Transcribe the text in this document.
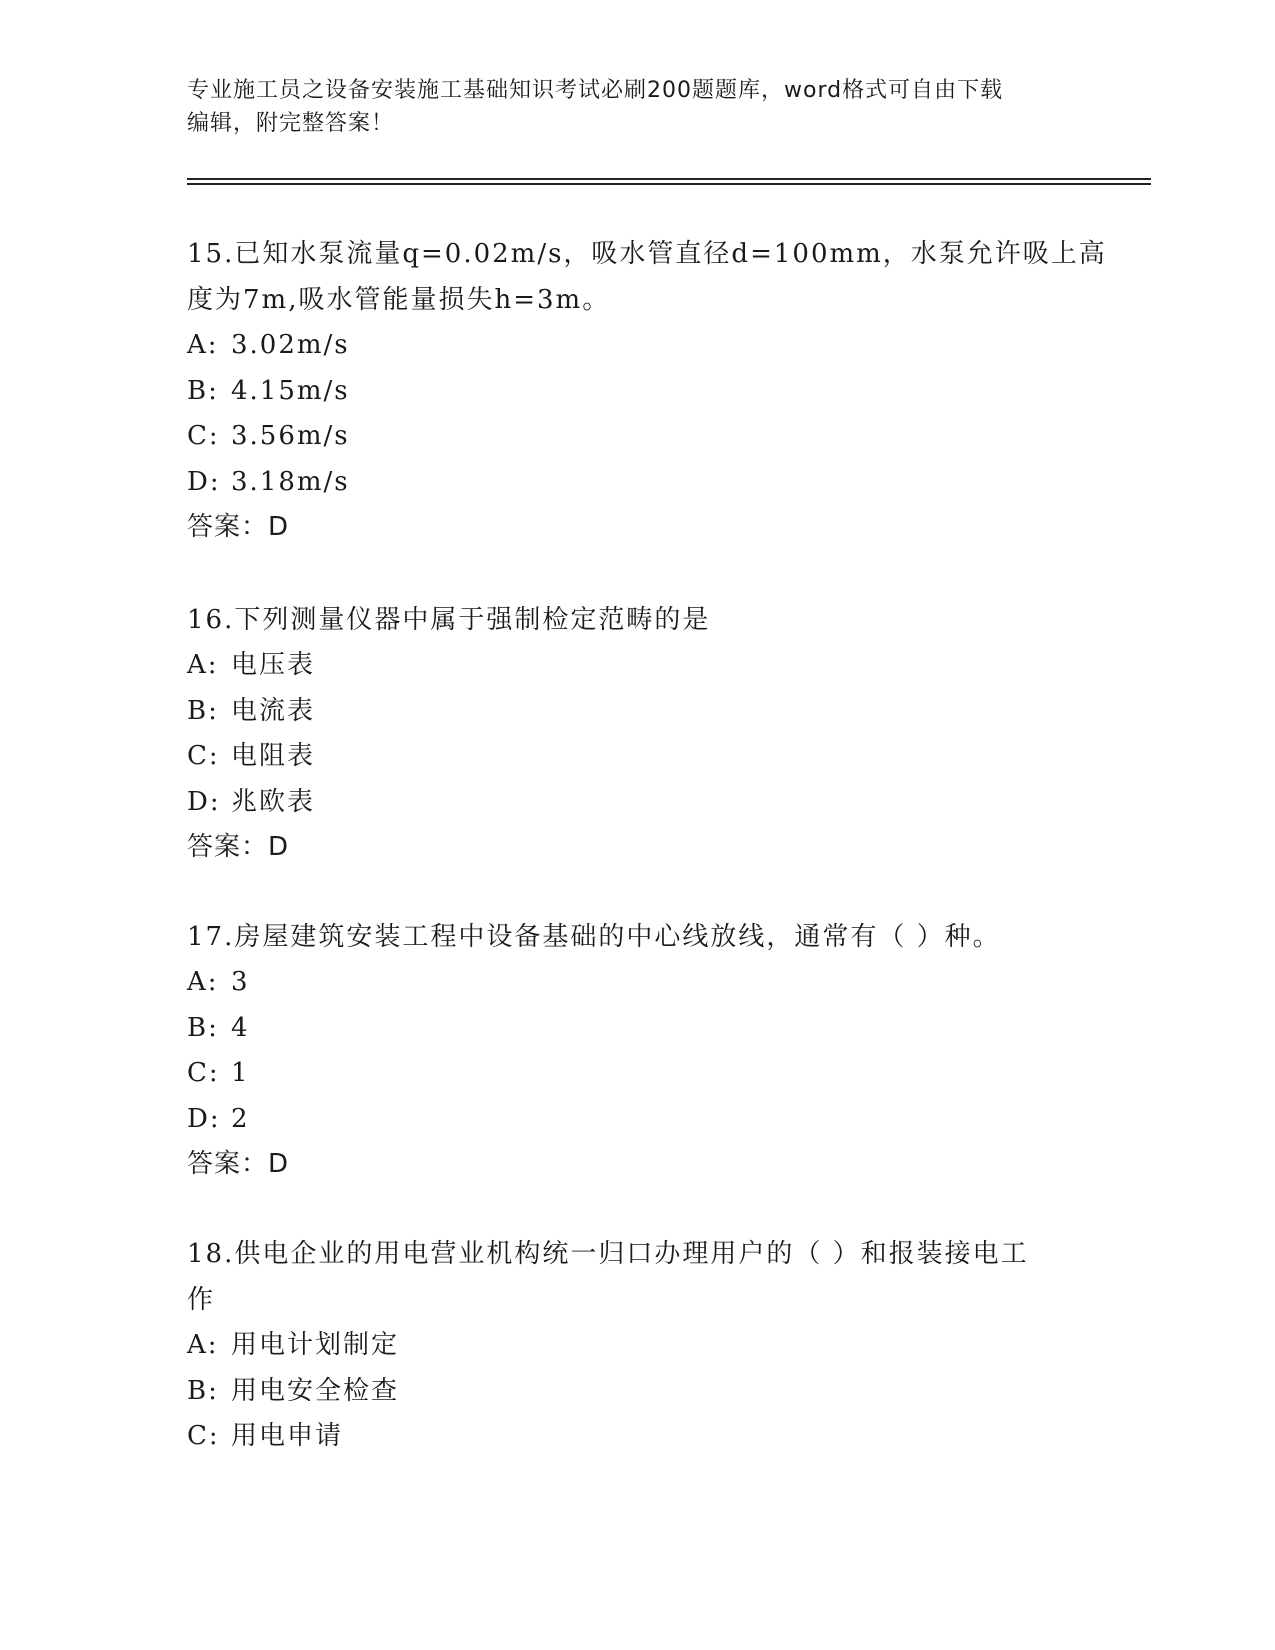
专业施工员之设备安装施工基础知识考试必刷200题题库，word格式可自由下载
编辑，附完整答案！
15.已知水泵流量q=0.02m/s，吸水管直径d=100mm，水泵允许吸上高
度为7m,吸水管能量损失h=3m。
A: 3.02m/s
B: 4.15m/s
C: 3.56m/s
D: 3.18m/s
答案：D
16.下列测量仪器中属于强制检定范畴的是
A: 电压表
B: 电流表
C: 电阻表
D: 兆欧表
答案：D
17.房屋建筑安装工程中设备基础的中心线放线，通常有（ ）种。
A: 3
B: 4
C: 1
D: 2
答案：D
18.供电企业的用电营业机构统一归口办理用户的（ ）和报装接电工
作
A: 用电计划制定
B: 用电安全检查
C: 用电申请
